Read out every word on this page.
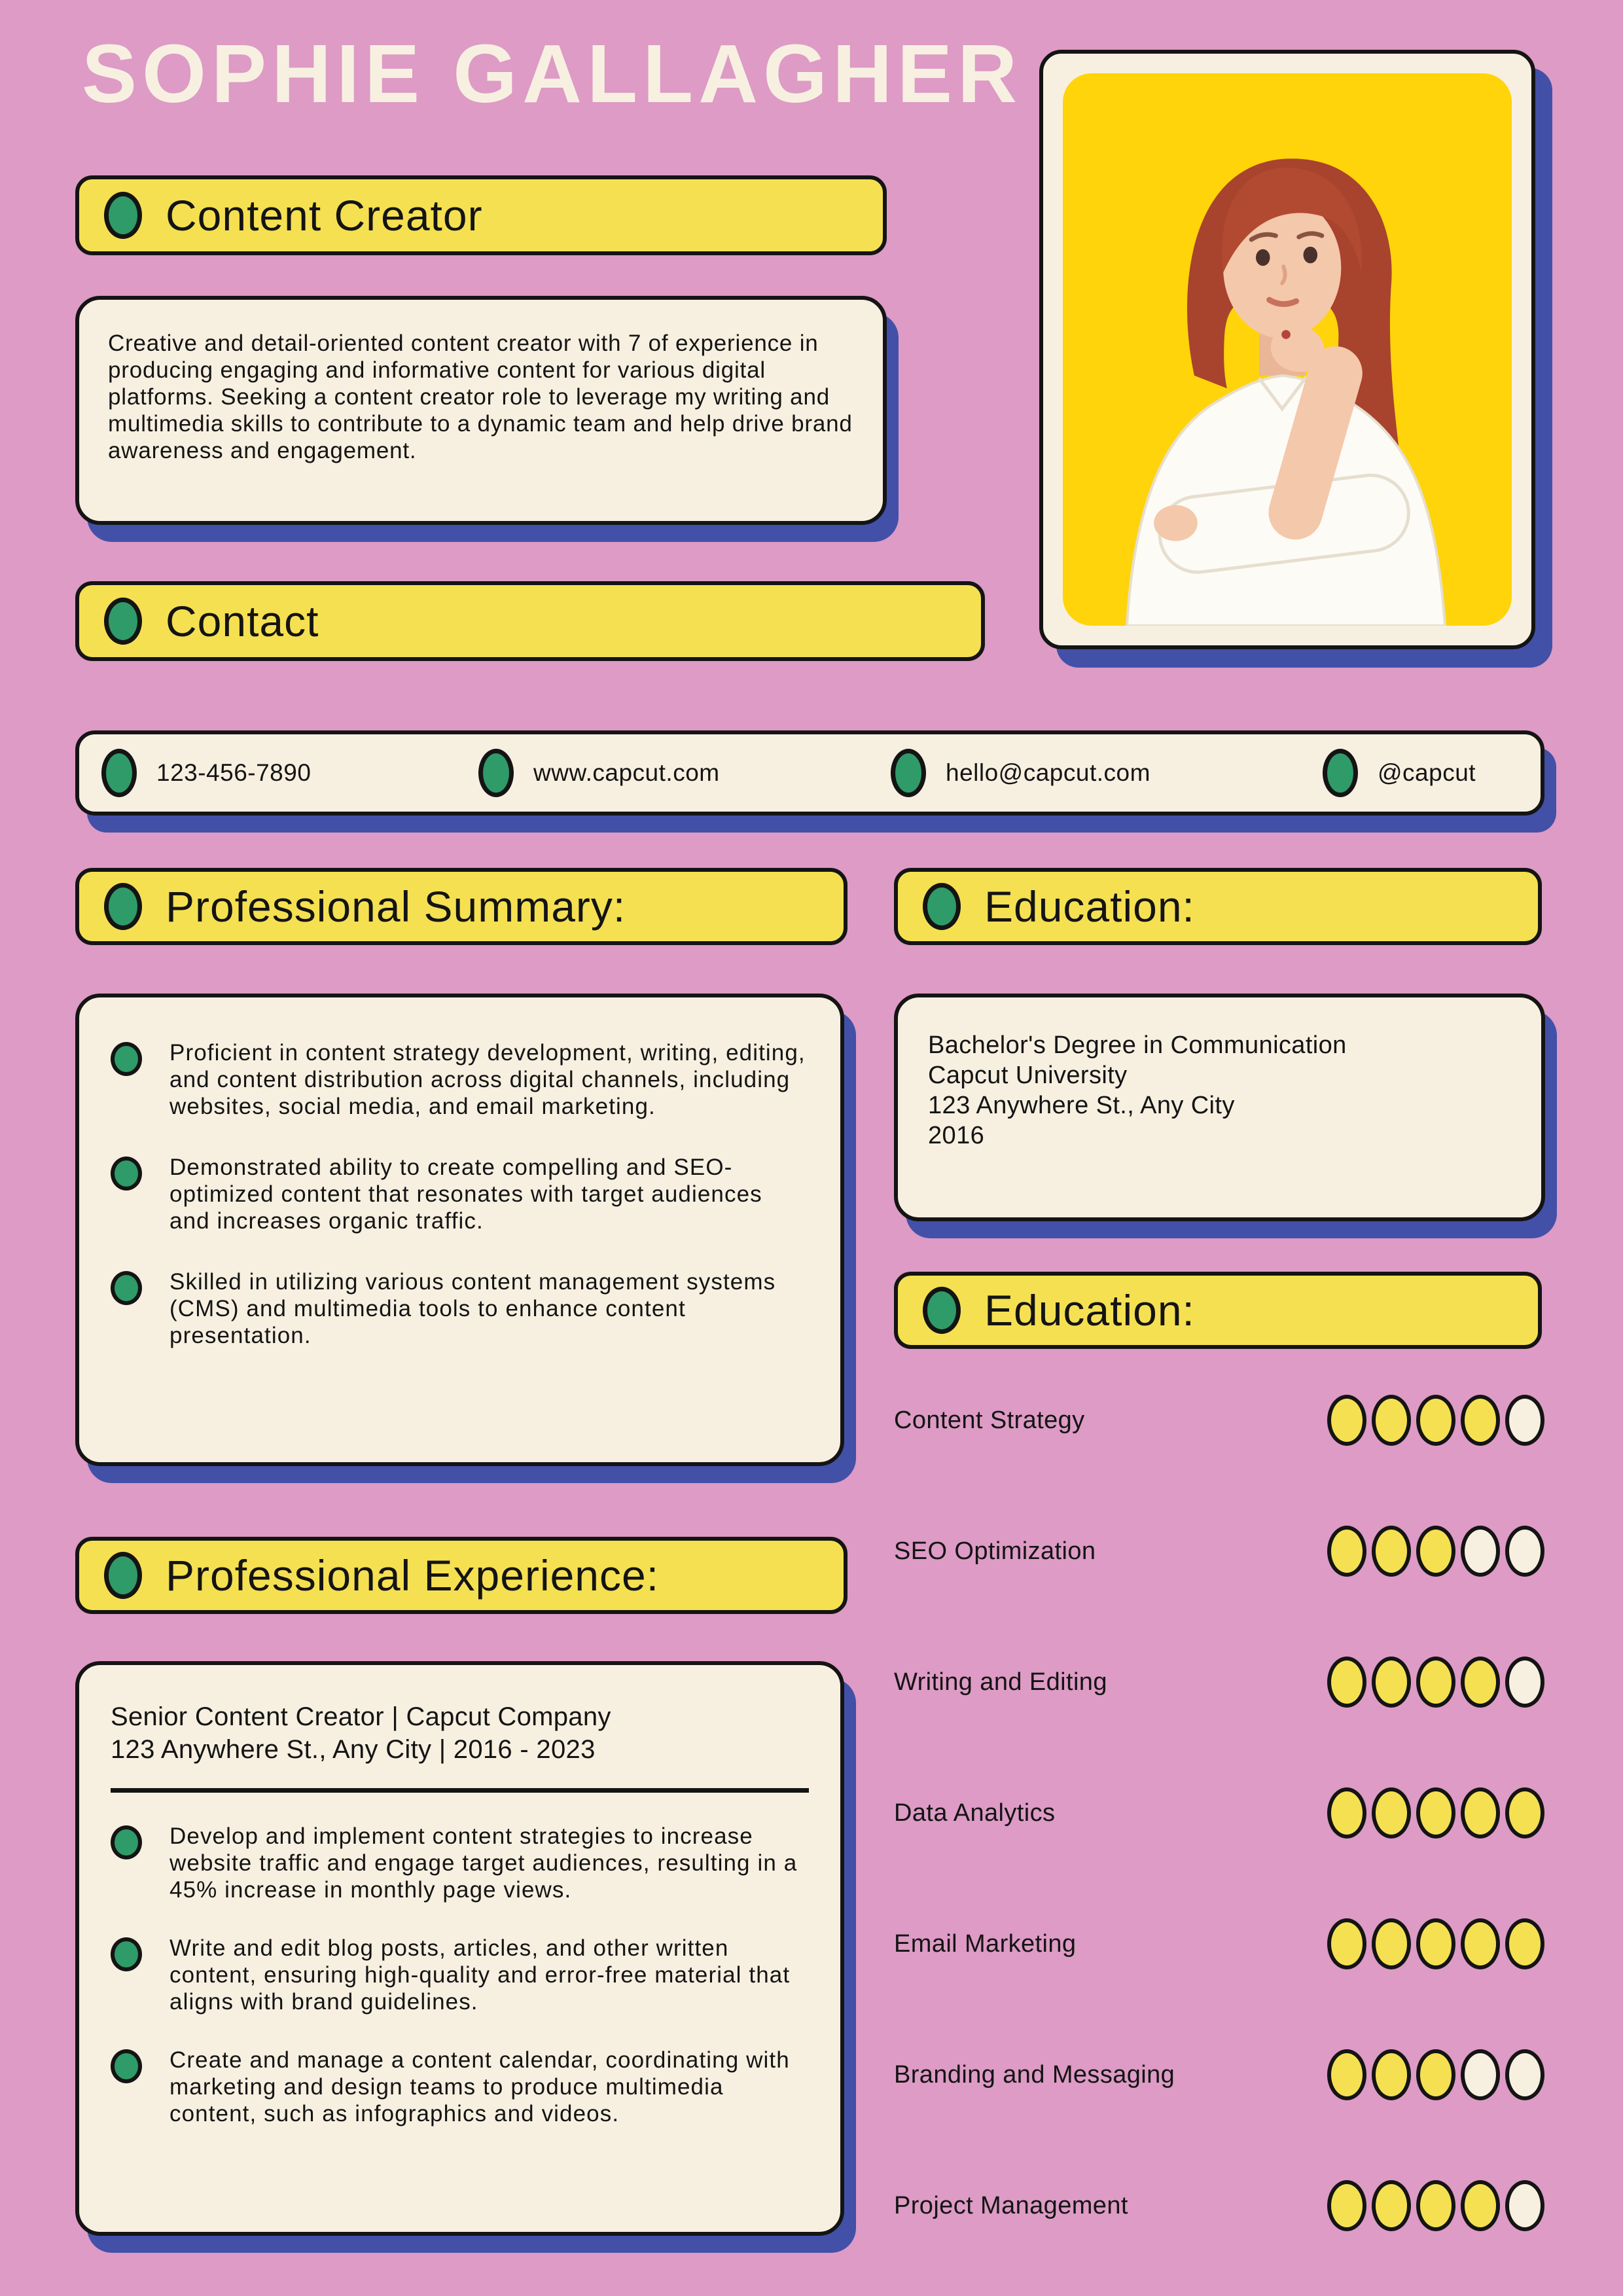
SOPHIE GALLAGHER
Content Creator

Creative and detail-oriented content creator with 7 of experience in producing engaging and informative content for various digital platforms. Seeking a content creator role to leverage my writing and multimedia skills to contribute to a dynamic team and help drive brand awareness and engagement.

Contact
123-456-7890	www.capcut.com	hello@capcut.com	@capcut
Professional Summary:
Proficient in content strategy development, writing, editing, and content distribution across digital channels, including websites, social media, and email marketing.
Demonstrated ability to create compelling and SEO-optimized content that resonates with target audiences and increases organic traffic.
Skilled in utilizing various content management systems (CMS) and multimedia tools to enhance content presentation.
Education:
Bachelor's Degree in Communication
Capcut University
123 Anywhere St., Any City
2016
Education:
Content Strategy
SEO Optimization
Writing and Editing
Data Analytics
Email Marketing
Branding and Messaging
Project Management
Professional Experience:
Senior Content Creator | Capcut Company
123 Anywhere St., Any City | 2016 - 2023
Develop and implement content strategies to increase website traffic and engage target audiences, resulting in a 45% increase in monthly page views.
Write and edit blog posts, articles, and other written content, ensuring high-quality and error-free material that aligns with brand guidelines.
Create and manage a content calendar, coordinating with marketing and design teams to produce multimedia content, such as infographics and videos.
